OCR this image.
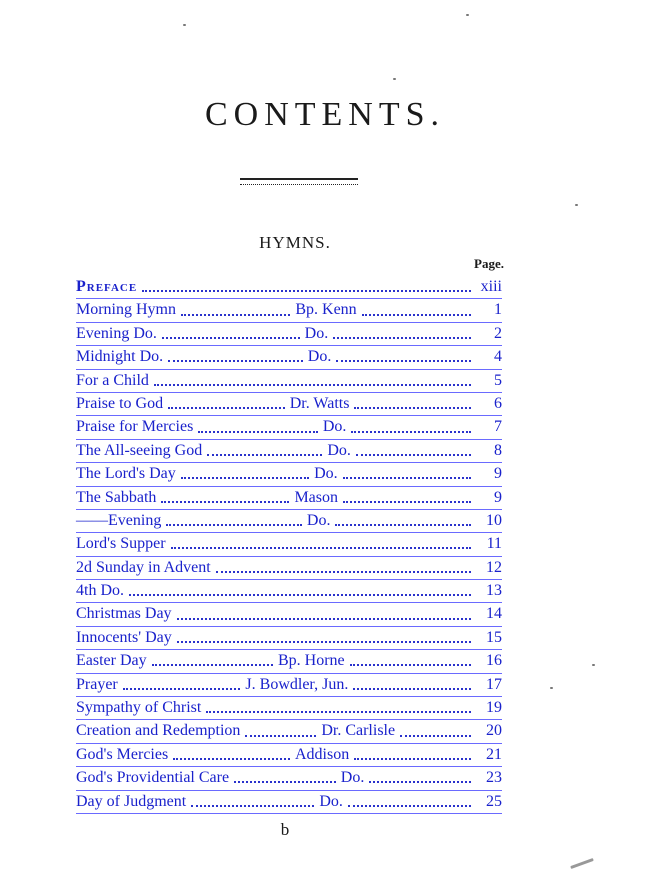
CONTENTS.
HYMNS.
Page.
Preface	xiii
Morning Hymn	Bp. Kenn	1
Evening Do.	Do.	2
Midnight Do.	Do.	4
For a Child	5
Praise to God	Dr. Watts	6
Praise for Mercies	Do.	7
The All-seeing God	Do.	8
The Lord's Day	Do.	9
The Sabbath	Mason	9
——Evening	Do.	10
Lord's Supper	11
2d Sunday in Advent	12
4th Do.	13
Christmas Day	14
Innocents' Day	15
Easter Day	Bp. Horne	16
Prayer	J. Bowdler, Jun.	17
Sympathy of Christ	19
Creation and Redemption	Dr. Carlisle	20
God's Mercies	Addison	21
God's Providential Care	Do.	23
Day of Judgment	Do.	25
b
